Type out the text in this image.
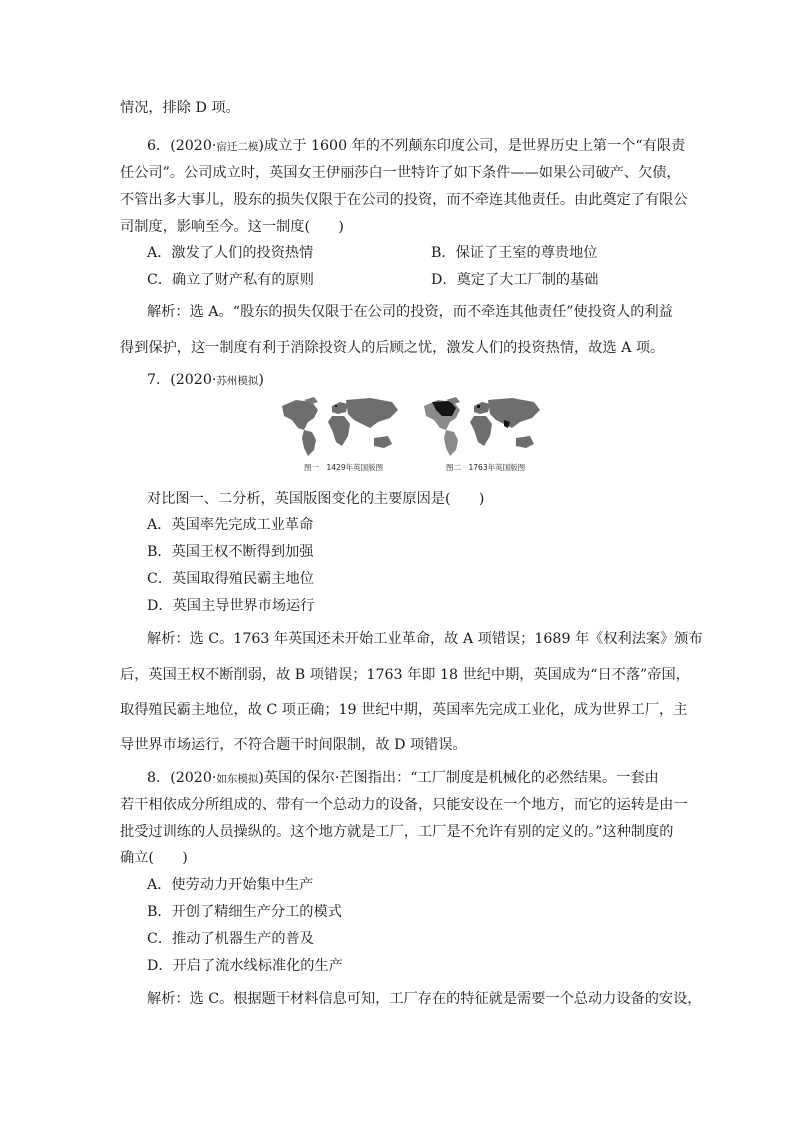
情况，排除 D 项。
6．(2020·宿迁二模)成立于 1600 年的不列颠东印度公司，是世界历史上第一个“有限责
任公司”。公司成立时，英国女王伊丽莎白一世特许了如下条件——如果公司破产、欠债，
不管出多大事儿，股东的损失仅限于在公司的投资，而不牵连其他责任。由此奠定了有限公
司制度，影响至今。这一制度(　　)
A．激发了人们的投资热情	B．保证了王室的尊贵地位
C．确立了财产私有的原则	D．奠定了大工厂制的基础
解析：选 A。“股东的损失仅限于在公司的投资，而不牵连其他责任”使投资人的利益
得到保护，这一制度有利于消除投资人的后顾之忧，激发人们的投资热情，故选 A 项。
7．(2020·苏州模拟)
图一　1429年英国版图	图二　1763年英国版图
对比图一、二分析，英国版图变化的主要原因是(　　)
A．英国率先完成工业革命
B．英国王权不断得到加强
C．英国取得殖民霸主地位
D．英国主导世界市场运行
解析：选 C。1763 年英国还未开始工业革命，故 A 项错误；1689 年《权利法案》颁布
后，英国王权不断削弱，故 B 项错误；1763 年即 18 世纪中期，英国成为“日不落”帝国，
取得殖民霸主地位，故 C 项正确；19 世纪中期，英国率先完成工业化，成为世界工厂，主
导世界市场运行，不符合题干时间限制，故 D 项错误。
8．(2020·如东模拟)英国的保尔·芒图指出：“工厂制度是机械化的必然结果。一套由
若干相依成分所组成的、带有一个总动力的设备，只能安设在一个地方，而它的运转是由一
批受过训练的人员操纵的。这个地方就是工厂，工厂是不允许有别的定义的。”这种制度的
确立(　　)
A．使劳动力开始集中生产
B．开创了精细生产分工的模式
C．推动了机器生产的普及
D．开启了流水线标准化的生产
解析：选 C。根据题干材料信息可知，工厂存在的特征就是需要一个总动力设备的安设，
